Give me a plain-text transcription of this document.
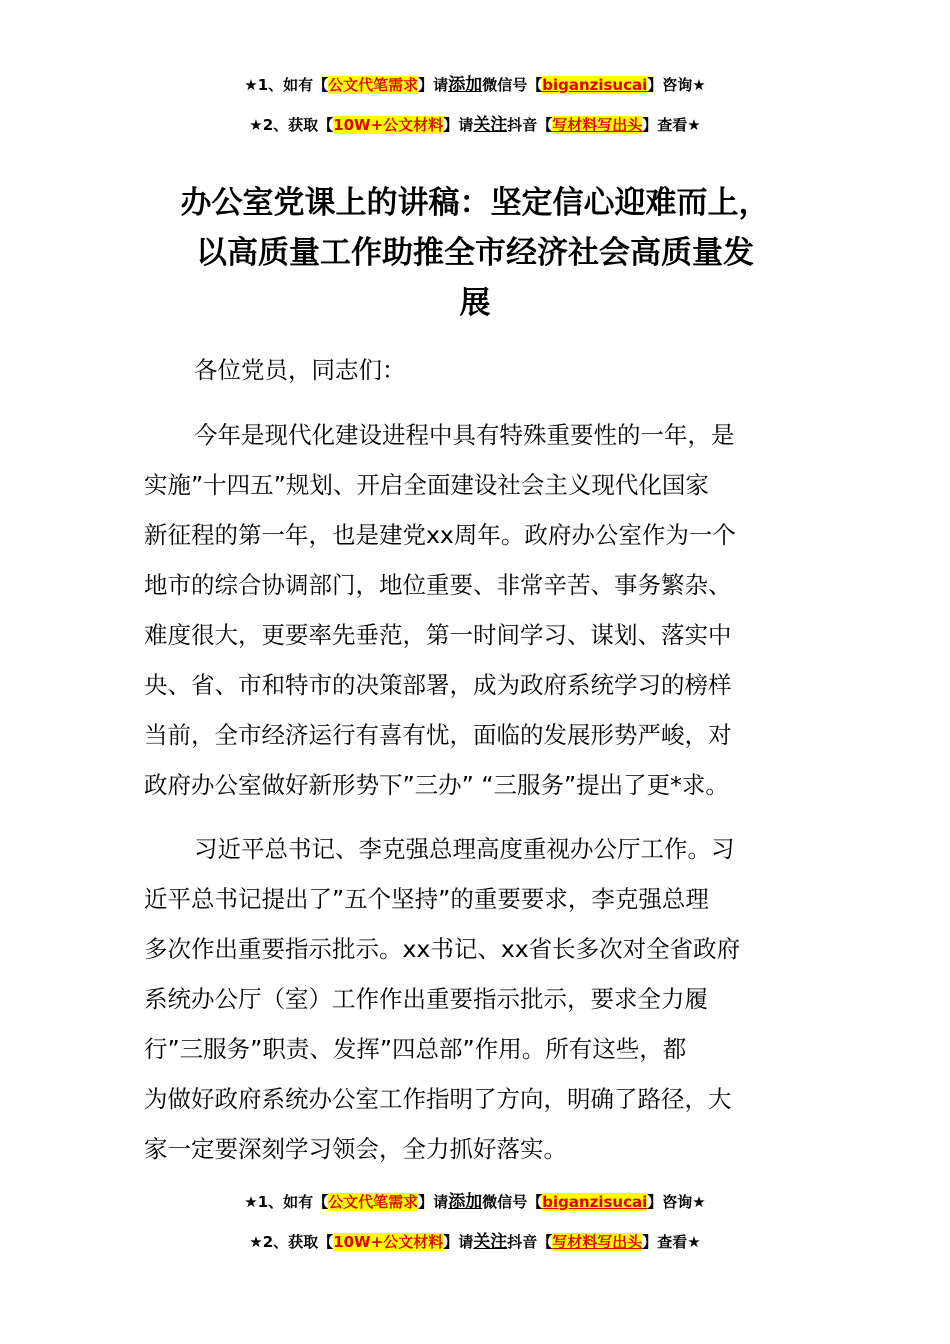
★1、如有【公文代笔需求】请添加微信号【biganzisucai】咨询★
★2、获取【10W+公文材料】请关注抖音【写材料写出头】查看★
办公室党课上的讲稿：坚定信心迎难而上，
以高质量工作助推全市经济社会高质量发
展
各位党员，同志们：
今年是现代化建设进程中具有特殊重要性的一年，是
实施”十四五”规划、开启全面建设社会主义现代化国家
新征程的第一年，也是建党xx周年。政府办公室作为一个
地市的综合协调部门，地位重要、非常辛苦、事务繁杂、
难度很大，更要率先垂范，第一时间学习、谋划、落实中
央、省、市和特市的决策部署，成为政府系统学习的榜样
当前，全市经济运行有喜有忧，面临的发展形势严峻，对
政府办公室做好新形势下”三办” “三服务”提出了更*求。
习近平总书记、李克强总理高度重视办公厅工作。习
近平总书记提出了”五个坚持”的重要要求，李克强总理
多次作出重要指示批示。xx书记、xx省长多次对全省政府
系统办公厅（室）工作作出重要指示批示，要求全力履
行”三服务”职责、发挥”四总部”作用。所有这些，都
为做好政府系统办公室工作指明了方向，明确了路径，大
家一定要深刻学习领会，全力抓好落实。
★1、如有【公文代笔需求】请添加微信号【biganzisucai】咨询★
★2、获取【10W+公文材料】请关注抖音【写材料写出头】查看★
